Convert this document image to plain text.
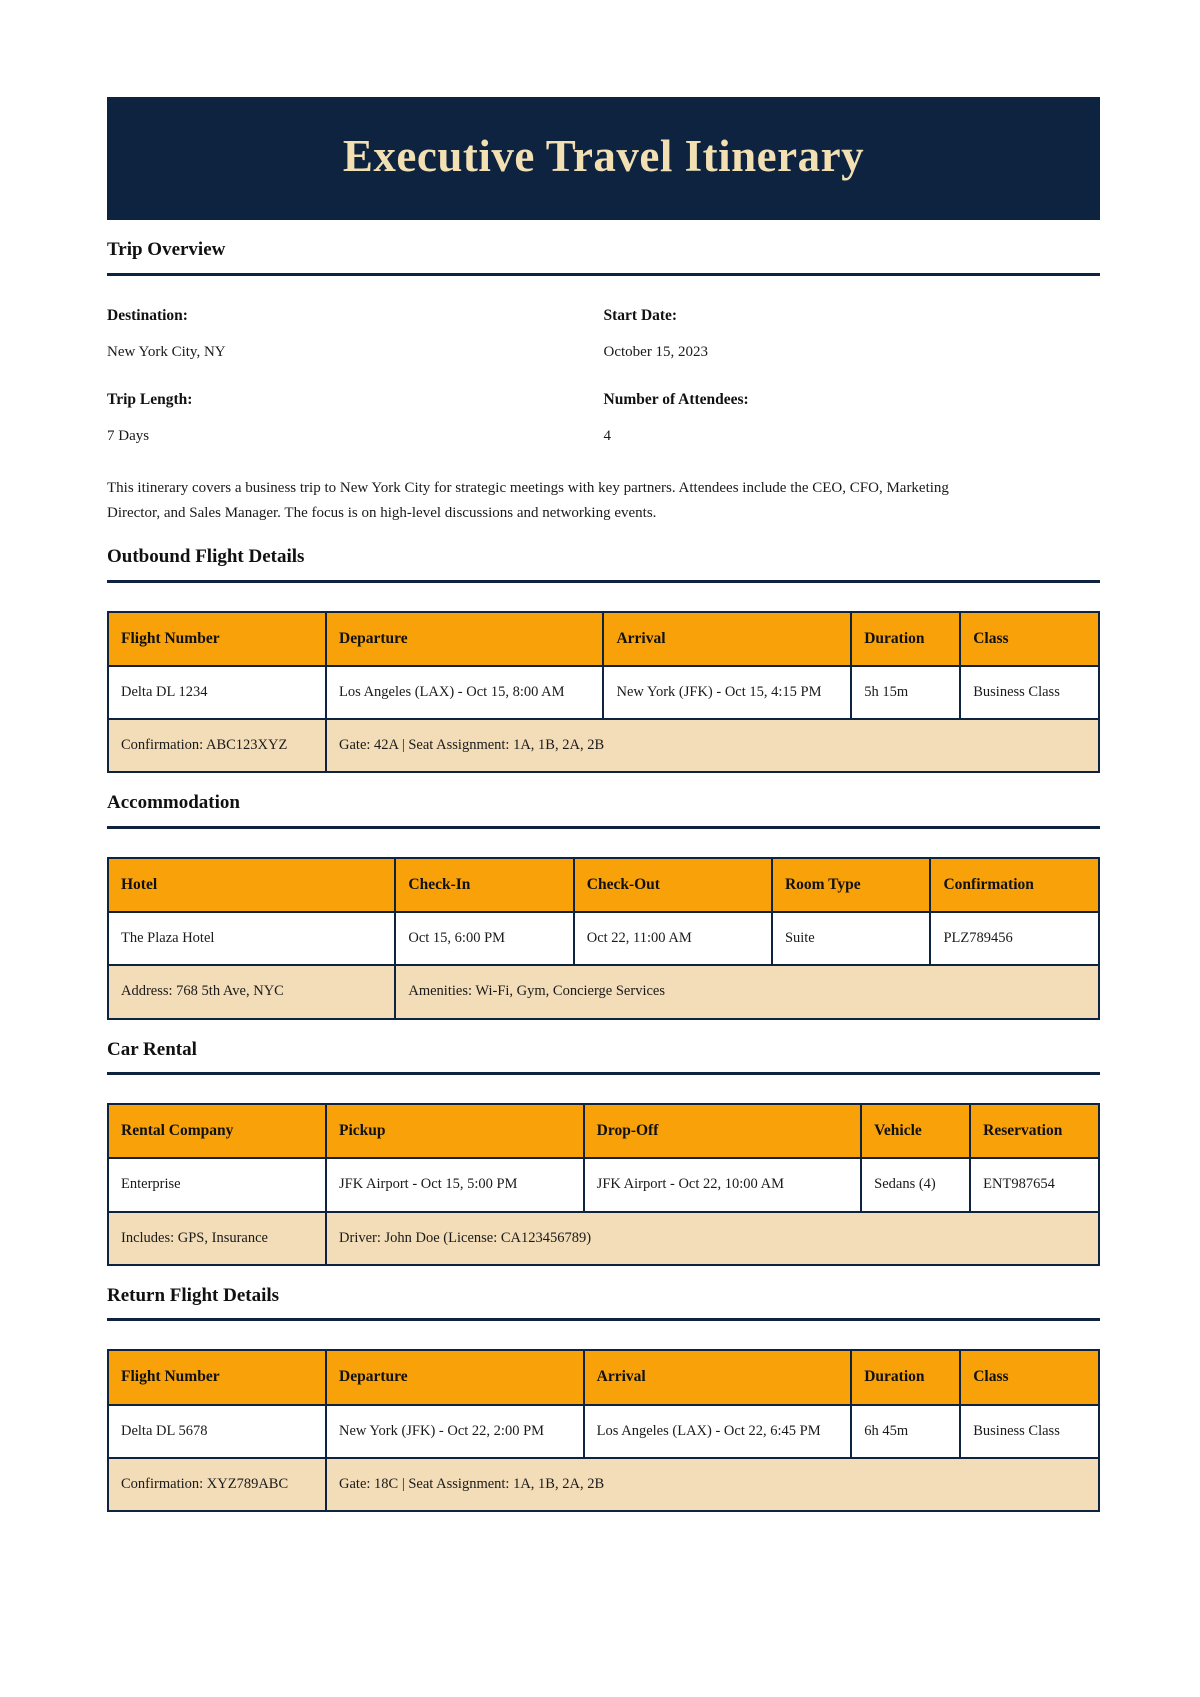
Executive Travel Itinerary
Trip Overview
Destination:
New York City, NY
Start Date:
October 15, 2023
Trip Length:
7 Days
Number of Attendees:
4

This itinerary covers a business trip to New York City for strategic meetings with key partners. Attendees include the CEO, CFO, Marketing Director, and Sales Manager. The focus is on high-level discussions and networking events.

Outbound Flight Details
Flight Number	Departure	Arrival	Duration	Class
Delta DL 1234	Los Angeles (LAX) - Oct 15, 8:00 AM	New York (JFK) - Oct 15, 4:15 PM	5h 15m	Business Class
Confirmation: ABC123XYZ	Gate: 42A | Seat Assignment: 1A, 1B, 2A, 2B			
Accommodation
Hotel	Check-In	Check-Out	Room Type	Confirmation
The Plaza Hotel	Oct 15, 6:00 PM	Oct 22, 11:00 AM	Suite	PLZ789456
Address: 768 5th Ave, NYC	Amenities: Wi-Fi, Gym, Concierge Services			
Car Rental
Rental Company	Pickup	Drop-Off	Vehicle	Reservation
Enterprise	JFK Airport - Oct 15, 5:00 PM	JFK Airport - Oct 22, 10:00 AM	Sedans (4)	ENT987654
Includes: GPS, Insurance	Driver: John Doe (License: CA123456789)			
Return Flight Details
Flight Number	Departure	Arrival	Duration	Class
Delta DL 5678	New York (JFK) - Oct 22, 2:00 PM	Los Angeles (LAX) - Oct 22, 6:45 PM	6h 45m	Business Class
Confirmation: XYZ789ABC	Gate: 18C | Seat Assignment: 1A, 1B, 2A, 2B			
